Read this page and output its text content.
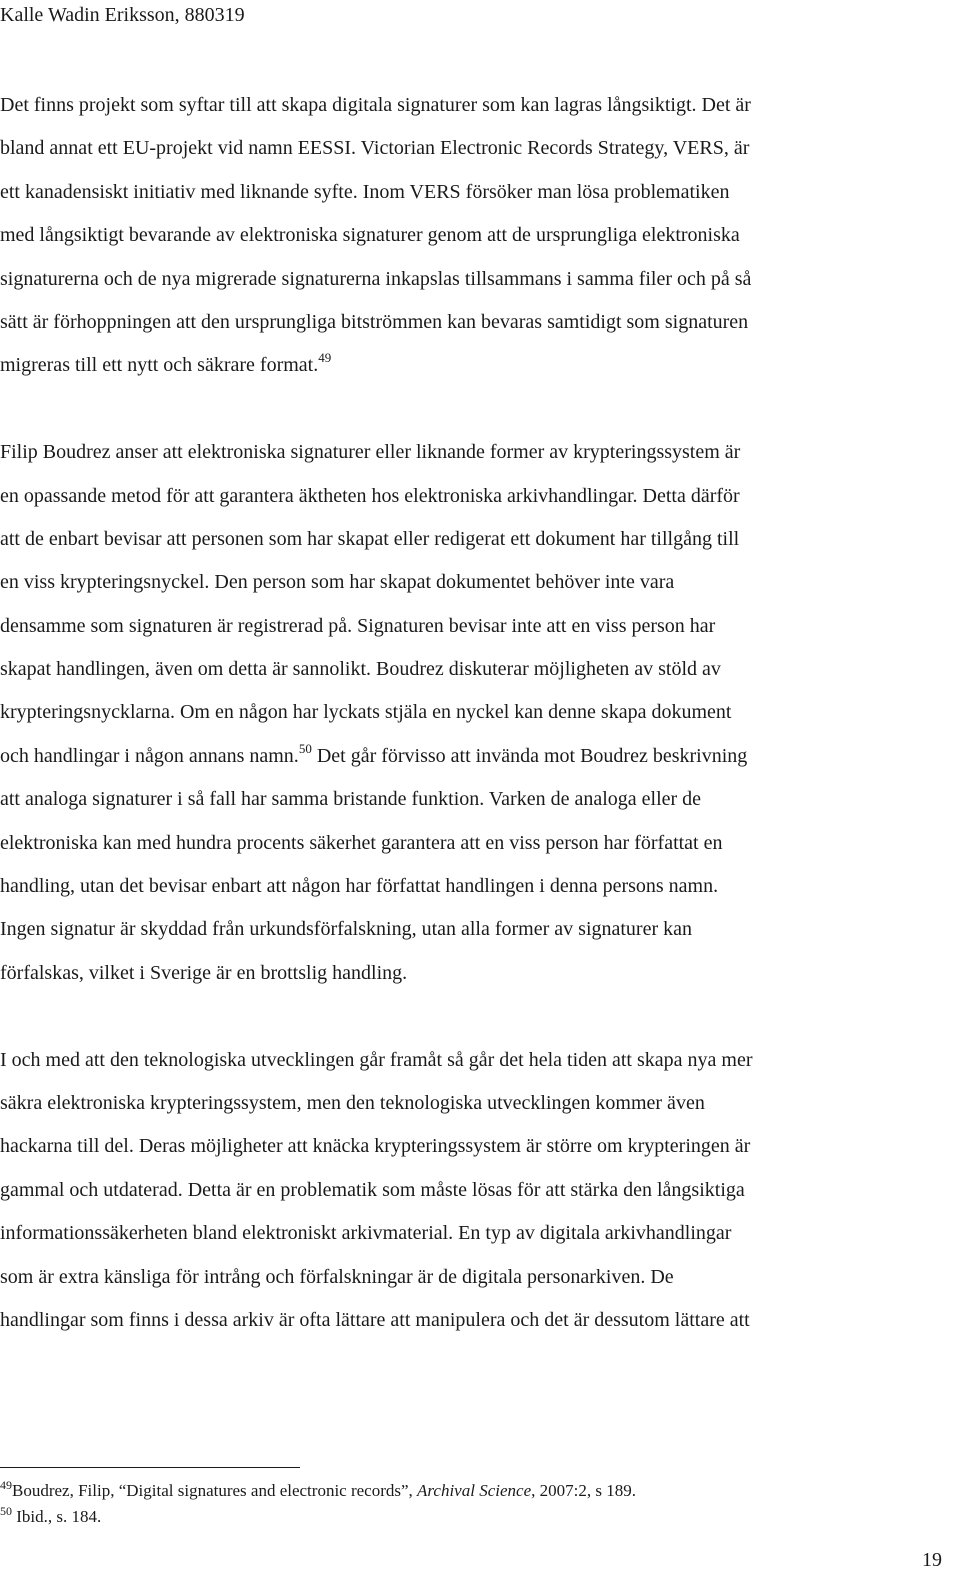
Kalle Wadin Eriksson, 880319
Det finns projekt som syftar till att skapa digitala signaturer som kan lagras långsiktigt. Det är
bland annat ett EU-projekt vid namn EESSI. Victorian Electronic Records Strategy, VERS, är
ett kanadensiskt initiativ med liknande syfte. Inom VERS försöker man lösa problematiken
med långsiktigt bevarande av elektroniska signaturer genom att de ursprungliga elektroniska
signaturerna och de nya migrerade signaturerna inkapslas tillsammans i samma filer och på så
sätt är förhoppningen att den ursprungliga bitströmmen kan bevaras samtidigt som signaturen
migreras till ett nytt och säkrare format.$^{49}$
Filip Boudrez anser att elektroniska signaturer eller liknande former av krypteringssystem är
en opassande metod för att garantera äktheten hos elektroniska arkivhandlingar. Detta därför
att de enbart bevisar att personen som har skapat eller redigerat ett dokument har tillgång till
en viss krypteringsnyckel. Den person som har skapat dokumentet behöver inte vara
densamme som signaturen är registrerad på. Signaturen bevisar inte att en viss person har
skapat handlingen, även om detta är sannolikt. Boudrez diskuterar möjligheten av stöld av
krypteringsnycklarna. Om en någon har lyckats stjäla en nyckel kan denne skapa dokument
och handlingar i någon annans namn.$^{50}$ Det går förvisso att invända mot Boudrez beskrivning
att analoga signaturer i så fall har samma bristande funktion. Varken de analoga eller de
elektroniska kan med hundra procents säkerhet garantera att en viss person har författat en
handling, utan det bevisar enbart att någon har författat handlingen i denna persons namn.
Ingen signatur är skyddad från urkundsförfalskning, utan alla former av signaturer kan
förfalskas, vilket i Sverige är en brottslig handling.
I och med att den teknologiska utvecklingen går framåt så går det hela tiden att skapa nya mer
säkra elektroniska krypteringssystem, men den teknologiska utvecklingen kommer även
hackarna till del. Deras möjligheter att knäcka krypteringssystem är större om krypteringen är
gammal och utdaterad. Detta är en problematik som måste lösas för att stärka den långsiktiga
informationssäkerheten bland elektroniskt arkivmaterial. En typ av digitala arkivhandlingar
som är extra känsliga för intrång och förfalskningar är de digitala personarkiven. De
handlingar som finns i dessa arkiv är ofta lättare att manipulera och det är dessutom lättare att
$^{49}$Boudrez, Filip, “Digital signatures and electronic records”, Archival Science, 2007:2, s 189.
$^{50}$ Ibid., s. 184.
19
